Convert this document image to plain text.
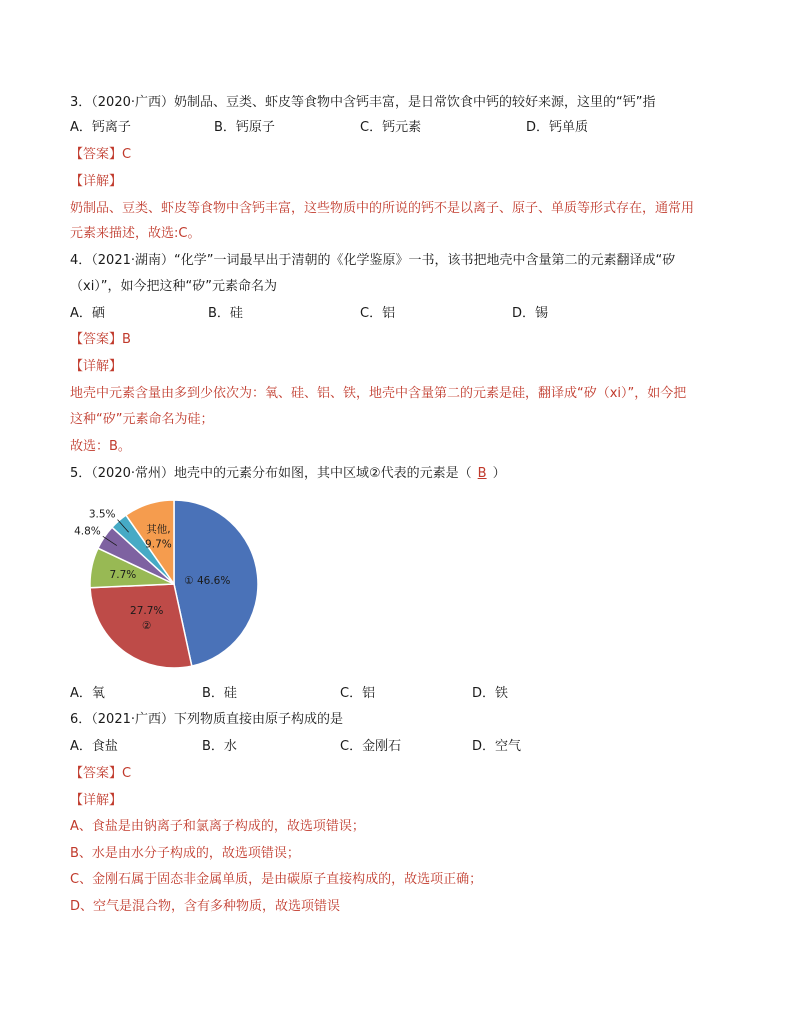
3．（2020·广西）奶制品、豆类、虾皮等食物中含钙丰富，是日常饮食中钙的较好来源，这里的“钙”指
A．钙离子	B．钙原子	C．钙元素	D．钙单质
【答案】C
【详解】
奶制品、豆类、虾皮等食物中含钙丰富，这些物质中的所说的钙不是以离子、原子、单质等形式存在，通常用
元素来描述，故选:C。
4．（2021·湖南）“化学”一词最早出于清朝的《化学鉴原》一书，该书把地壳中含量第二的元素翻译成“矽
（xi）”，如今把这种“矽”元素命名为
A．硒	B．硅	C．铝	D．锡
【答案】B
【详解】
地壳中元素含量由多到少依次为：氧、硅、铝、铁，地壳中含量第二的元素是硅，翻译成“矽（xi）”，如今把
这种“矽”元素命名为硅；
故选：B。
5．（2020·常州）地壳中的元素分布如图，其中区域②代表的元素是（ B ）
① 46.6%
27.7%
②
7.7%
4.8%
3.5%
其他,
9.7%
A．氧	B．硅	C．铝	D．铁
6．（2021·广西）下列物质直接由原子构成的是
A．食盐	B．水	C．金刚石	D．空气
【答案】C
【详解】
A、食盐是由钠离子和氯离子构成的，故选项错误；
B、水是由水分子构成的，故选项错误；
C、金刚石属于固态非金属单质，是由碳原子直接构成的，故选项正确；
D、空气是混合物，含有多种物质，故选项错误
